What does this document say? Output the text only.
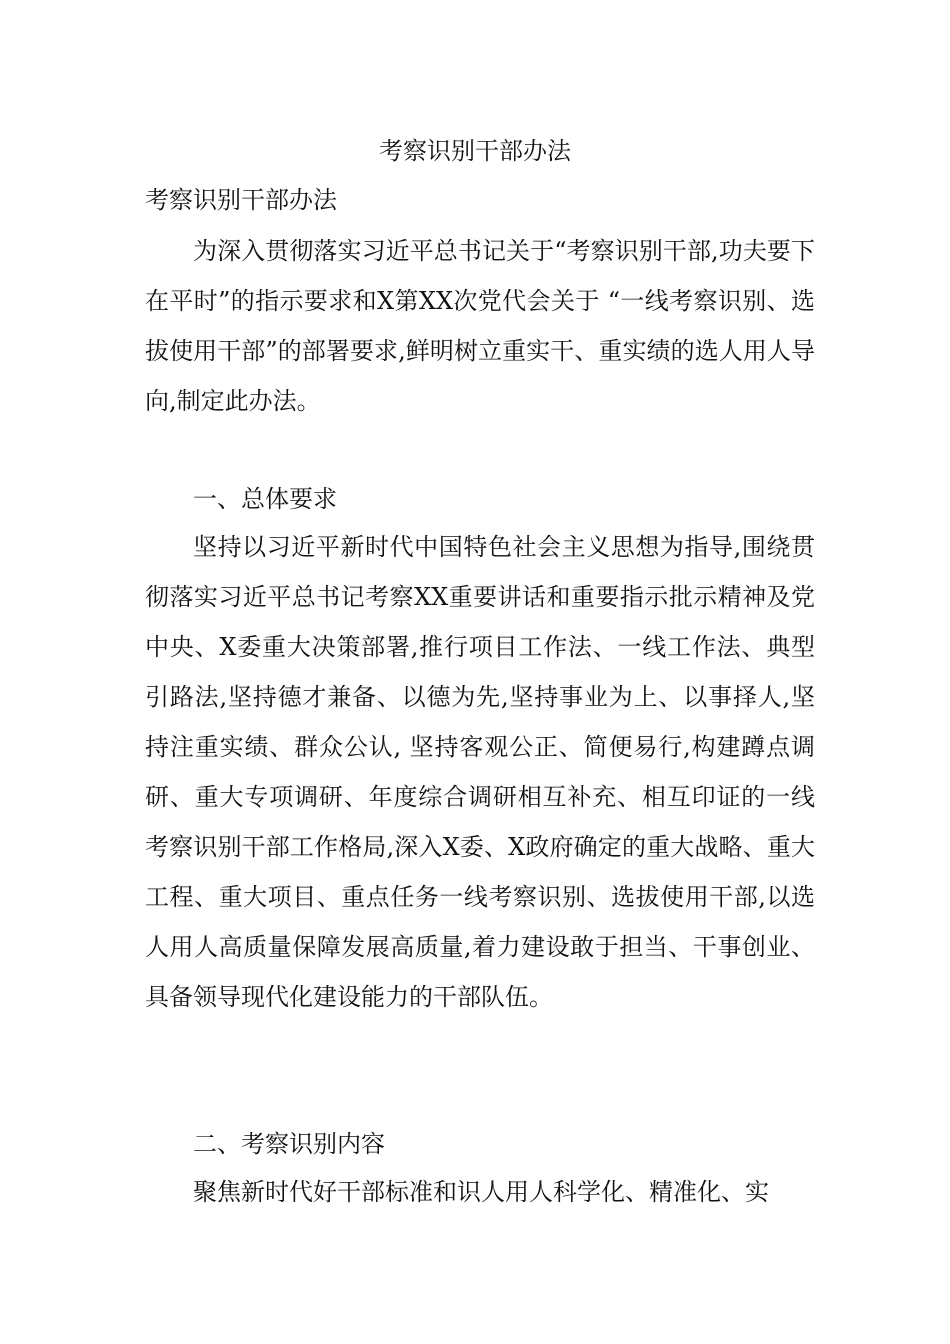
考察识别干部办法
考察识别干部办法
为深入贯彻落实习近平总书记关于“考察识别干部,功夫要下在平时”的指示要求和X第XX次党代会关于 “一线考察识别、选拔使用干部”的部署要求,鲜明树立重实干、重实绩的选人用人导向,制定此办法。
一、总体要求
坚持以习近平新时代中国特色社会主义思想为指导,围绕贯彻落实习近平总书记考察XX重要讲话和重要指示批示精神及党中央、X委重大决策部署,推行项目工作法、一线工作法、典型引路法,坚持德才兼备、以德为先,坚持事业为上、以事择人,坚持注重实绩、群众公认, 坚持客观公正、简便易行,构建蹲点调研、重大专项调研、年度综合调研相互补充、相互印证的一线考察识别干部工作格局,深入X委、X政府确定的重大战略、重大工程、重大项目、重点任务一线考察识别、选拔使用干部,以选人用人高质量保障发展高质量,着力建设敢于担当、干事创业、具备领导现代化建设能力的干部队伍。
二、考察识别内容
聚焦新时代好干部标准和识人用人科学化、精准化、实
